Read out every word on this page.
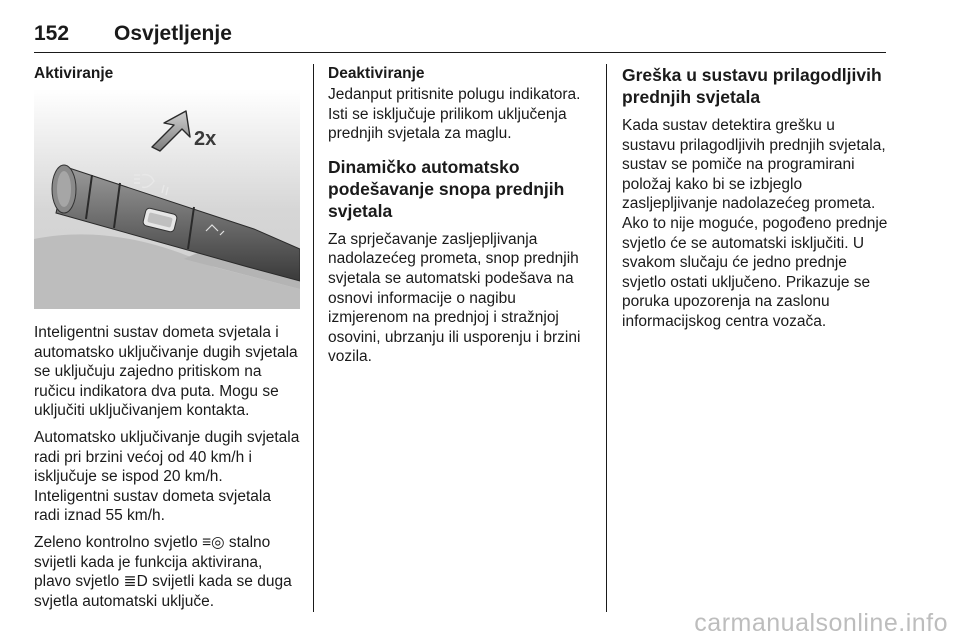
152 Osvjetljenje
Aktiviranje
2x

Inteligentni sustav dometa svjetala i automatsko uključivanje dugih svjetala se uključuju zajedno pritiskom na ručicu indikatora dva puta. Mogu se uključiti uključivanjem kontakta.

Automatsko uključivanje dugih svjetala radi pri brzini većoj od 40 km/h i isključuje se ispod 20 km/h. Inteligentni sustav dometa svjetala radi iznad 55 km/h.

Zeleno kontrolno svjetlo ≡◎ stalno svijetli kada je funkcija aktivirana, plavo svjetlo ≣D svijetli kada se duga svjetla automatski uključe.

Deaktiviranje

Jedanput pritisnite polugu indikatora. Isti se isključuje prilikom uključenja prednjih svjetala za maglu.

Dinamičko automatsko podešavanje snopa prednjih svjetala

Za sprječavanje zasljepljivanja nadolazećeg prometa, snop prednjih svjetala se automatski podešava na osnovi informacije o nagibu izmjerenom na prednjoj i stražnjoj osovini, ubrzanju ili usporenju i brzini vozila.

Greška u sustavu prilagodljivih prednjih svjetala

Kada sustav detektira grešku u sustavu prilagodljivih prednjih svjetala, sustav se pomiče na programirani položaj kako bi se izbjeglo zasljepljivanje nadolazećeg prometa. Ako to nije moguće, pogođeno prednje svjetlo će se automatski isključiti. U svakom slučaju će jedno prednje svjetlo ostati uključeno. Prikazuje se poruka upozorenja na zaslonu informacijskog centra vozača.

carmanualsonline.info
